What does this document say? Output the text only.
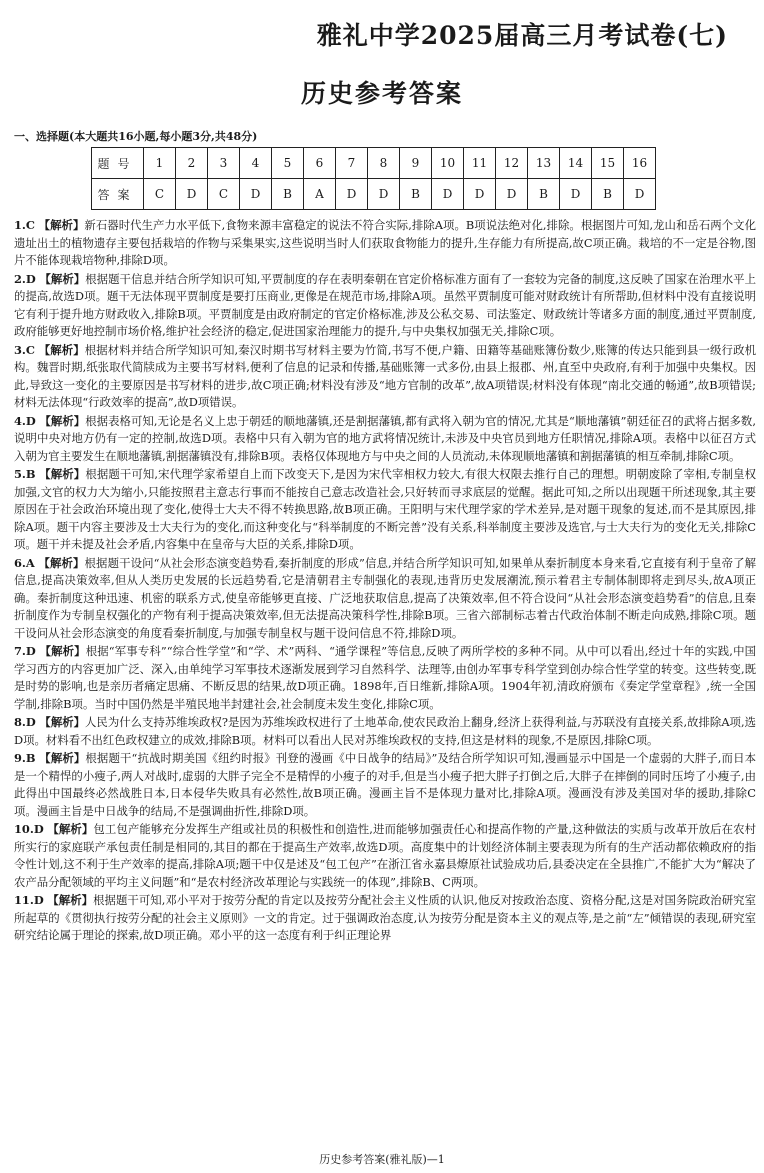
雅礼中学2025届高三月考试卷(七)
历史参考答案
一、选择题(本大题共16小题,每小题3分,共48分)
题号	1	2	3	4	5	6	7	8	9	10	11	12	13	14	15	16
答案	C	D	C	D	B	A	D	D	B	D	D	D	B	D	B	D
1.C 【解析】新石器时代生产力水平低下,食物来源丰富稳定的说法不符合实际,排除A项。B项说法绝对化,排除。根据图片可知,龙山和岳石两个文化遗址出土的植物遗存主要包括栽培的作物与采集果实,这些说明当时人们获取食物能力的提升,生存能力有所提高,故C项正确。栽培的不一定是谷物,图片不能体现栽培物种,排除D项。
2.D 【解析】根据题干信息并结合所学知识可知,平贾制度的存在表明秦朝在官定价格标准方面有了一套较为完备的制度,这反映了国家在治理水平上的提高,故选D项。题干无法体现平贾制度是要打压商业,更像是在规范市场,排除A项。虽然平贾制度可能对财政统计有所帮助,但材料中没有直接说明它有利于提升地方财政收入,排除B项。平贾制度是由政府制定的官定价格标准,涉及公私交易、司法鉴定、财政统计等诸多方面的制度,通过平贾制度,政府能够更好地控制市场价格,维护社会经济的稳定,促进国家治理能力的提升,与中央集权加强无关,排除C项。
3.C 【解析】根据材料并结合所学知识可知,秦汉时期书写材料主要为竹简,书写不便,户籍、田籍等基础账簿份数少,账簿的传达只能到县一级行政机构。魏晋时期,纸张取代简牍成为主要书写材料,便利了信息的记录和传播,基础账簿一式多份,由县上报郡、州,直至中央政府,有利于加强中央集权。因此,导致这一变化的主要原因是书写材料的进步,故C项正确;材料没有涉及“地方官制的改革”,故A项错误;材料没有体现“南北交通的畅通”,故B项错误;材料无法体现“行政效率的提高”,故D项错误。
4.D 【解析】根据表格可知,无论是名义上忠于朝廷的顺地藩镇,还是割据藩镇,都有武将入朝为官的情况,尤其是“顺地藩镇”朝廷征召的武将占据多数,说明中央对地方仍有一定的控制,故选D项。表格中只有入朝为官的地方武将情况统计,未涉及中央官员到地方任职情况,排除A项。表格中以征召方式入朝为官主要发生在顺地藩镇,割据藩镇没有,排除B项。表格仅体现地方与中央之间的人员流动,未体现顺地藩镇和割据藩镇的相互牵制,排除C项。
5.B 【解析】根据题干可知,宋代理学家希望自上而下改变天下,是因为宋代宰相权力较大,有很大权限去推行自己的理想。明朝废除了宰相,专制皇权加强,文官的权力大为缩小,只能按照君主意志行事而不能按自己意志改造社会,只好转而寻求底层的觉醒。据此可知,之所以出现题干所述现象,其主要原因在于社会政治环境出现了变化,使得士大夫不得不转换思路,故B项正确。王阳明与宋代理学家的学术差异,是对题干现象的复述,而不是其原因,排除A项。题干内容主要涉及士大夫行为的变化,而这种变化与“科举制度的不断完善”没有关系,科举制度主要涉及选官,与士大夫行为的变化无关,排除C项。题干并未提及社会矛盾,内容集中在皇帝与大臣的关系,排除D项。
6.A 【解析】根据题干设问“从社会形态演变趋势看,秦折制度的形成”信息,并结合所学知识可知,如果单从秦折制度本身来看,它直接有利于皇帝了解信息,提高决策效率,但从人类历史发展的长远趋势看,它是清朝君主专制强化的表现,违背历史发展潮流,预示着君主专制体制即将走到尽头,故A项正确。秦折制度这种迅速、机密的联系方式,使皇帝能够更直接、广泛地获取信息,提高了决策效率,但不符合设问“从社会形态演变趋势看”的信息,且秦折制度作为专制皇权强化的产物有利于提高决策效率,但无法提高决策科学性,排除B项。三省六部制标志着古代政治体制不断走向成熟,排除C项。题干设问从社会形态演变的角度看秦折制度,与加强专制皇权与题干设问信息不符,排除D项。
7.D 【解析】根据“军事专科”“综合性学堂”和“学、术”两科、“通学课程”等信息,反映了两所学校的多种不同。从中可以看出,经过十年的实践,中国学习西方的内容更加广泛、深入,由单纯学习军事技术逐渐发展到学习自然科学、法理等,由创办军事专科学堂到创办综合性学堂的转变。这些转变,既是时势的影响,也是亲历者痛定思痛、不断反思的结果,故D项正确。1898年,百日维新,排除A项。1904年初,清政府颁布《奏定学堂章程》,统一全国学制,排除B项。当时中国仍然是半殖民地半封建社会,社会制度未发生变化,排除C项。
8.D 【解析】人民为什么支持苏维埃政权?是因为苏维埃政权进行了土地革命,使农民政治上翻身,经济上获得利益,与苏联没有直接关系,故排除A项,选D项。材料看不出红色政权建立的成效,排除B项。材料可以看出人民对苏维埃政权的支持,但这是材料的现象,不是原因,排除C项。
9.B 【解析】根据题干“抗战时期美国《纽约时报》刊登的漫画《中日战争的结局》”及结合所学知识可知,漫画显示中国是一个虚弱的大胖子,而日本是一个精悍的小瘦子,两人对战时,虚弱的大胖子完全不是精悍的小瘦子的对手,但是当小瘦子把大胖子打倒之后,大胖子在摔倒的同时压垮了小瘦子,由此得出中国最终必然战胜日本,日本侵华失败具有必然性,故B项正确。漫画主旨不是体现力量对比,排除A项。漫画没有涉及美国对华的援助,排除C项。漫画主旨是中日战争的结局,不是强调曲折性,排除D项。
10.D 【解析】包工包产能够充分发挥生产组或社员的积极性和创造性,进而能够加强责任心和提高作物的产量,这种做法的实质与改革开放后在农村所实行的家庭联产承包责任制是相同的,其目的都在于提高生产效率,故选D项。高度集中的计划经济体制主要表现为所有的生产活动都依赖政府的指令性计划,这不利于生产效率的提高,排除A项;题干中仅是述及“包工包产”在浙江省永嘉县燎原社试验成功后,县委决定在全县推广,不能扩大为“解决了农产品分配领域的平均主义问题”和“是农村经济改革理论与实践统一的体现”,排除B、C两项。
11.D 【解析】根据题干可知,邓小平对于按劳分配的肯定以及按劳分配社会主义性质的认识,他反对按政治态度、资格分配,这是对国务院政治研究室所起草的《贯彻执行按劳分配的社会主义原则》一文的肯定。过于强调政治态度,认为按劳分配是资本主义的观点等,是之前“左”倾错误的表现,研究室研究结论属于理论的探索,故D项正确。邓小平的这一态度有利于纠正理论界
历史参考答案(雅礼版)—1
